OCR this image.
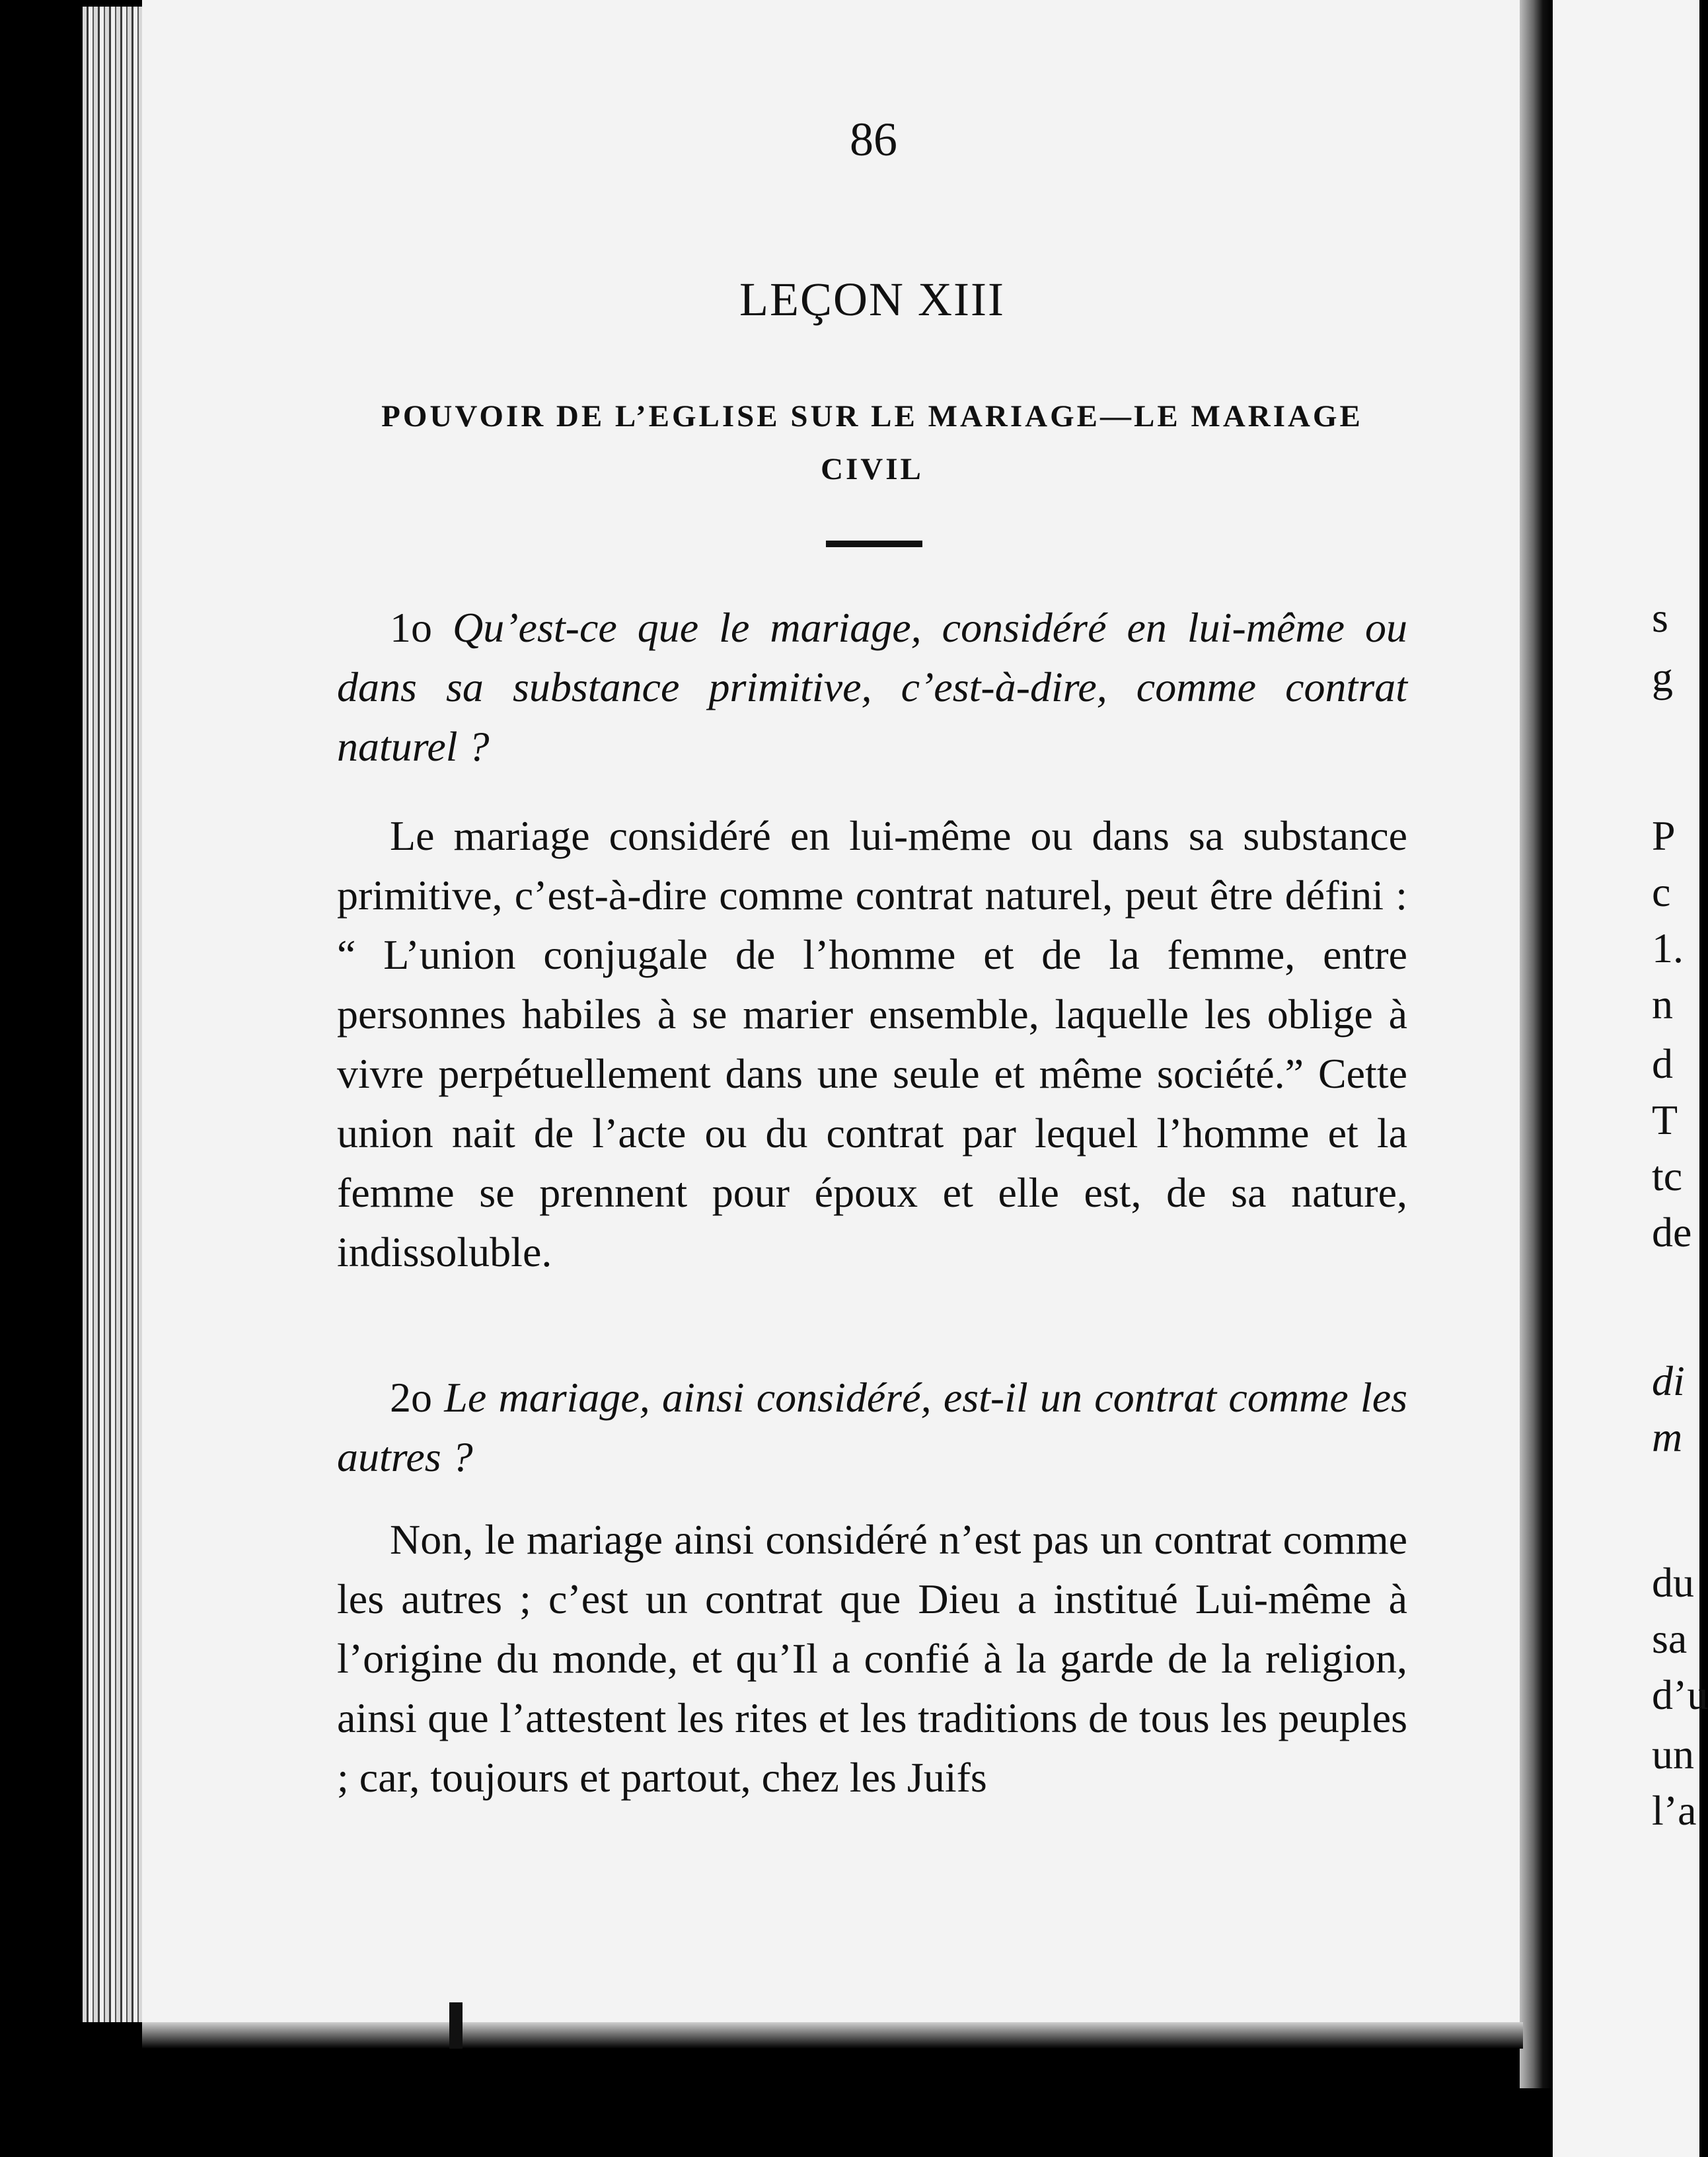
86
LEÇON XIII
POUVOIR DE L’EGLISE SUR LE MARIAGE—LE MARIAGE CIVIL

1o Qu’est-ce que le mariage, considéré en lui-même ou dans sa substance primitive, c’est-à-dire, comme contrat naturel ?

Le mariage considéré en lui-même ou dans sa substance primitive, c’est-à-dire comme contrat naturel, peut être défini : “ L’union conjugale de l’homme et de la femme, entre personnes habiles à se marier ensemble, laquelle les oblige à vivre perpétuellement dans une seule et même société.” Cette union nait de l’acte ou du contrat par lequel l’homme et la femme se prennent pour époux et elle est, de sa nature, indissoluble.

2o Le mariage, ainsi considéré, est-il un contrat comme les autres ?

Non, le mariage ainsi considéré n’est pas un contrat comme les autres ; c’est un contrat que Dieu a institué Lui-même à l’origine du monde, et qu’Il a confié à la garde de la religion, ainsi que l’attestent les rites et les traditions de tous les peuples ; car, toujours et partout, chez les Juifs

s
g
P
c
1.
n
d
T
tc
de
di
m
du
sa
d’u
un
l’a
